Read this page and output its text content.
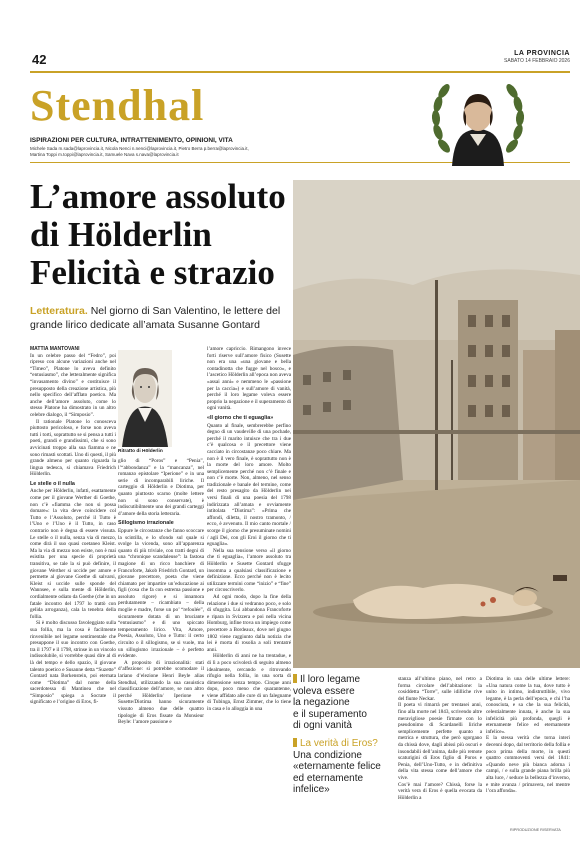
42	LA PROVINCIA
SABATO 14 FEBBRAIO 2026
Stendhal
ISPIRAZIONI PER CULTURA, INTRATTENIMENTO, OPINIONI, VITA
Michele Sada m.sada@laprovincia.it, Nicola Nenci n.nenci@laprovincia.it, Pietro Berra p.berra@laprovincia.it,
Martina Toppi m.toppi@laprovincia.it, Samuele Nava s.nava@laprovincia.it
L’amore assoluto
di Hölderlin
Felicità e strazio
Letteratura. Nel giorno di San Valentino, le lettere del grande lirico dedicate all’amata Susanne Gontard
MATTIA MANTOVANI

In un celebre passo del “Fedro”, poi ripreso con alcune variazioni anche nel “Timeo”, Platone lo aveva definito “entusiasmo”, che letteralmente significa “invasamento divino” e costituisce il presupposto della creazione artistica, più nello specifico dell’afflato poetico. Ma anche dell’amore assoluto, come lo stesso Platone ha dimostrato in un altro celebre dialogo, il “Simposio”.

Il rationale Platone lo conosceva piuttosto pericoloso, e forse non aveva tutti i torti, soprattutto se si pensa a tutti i poeti, grandi e grandissimi, che si sono avvicinati troppo alla sua fiamma e ne sono rimasti scottati. Uno di questi, il più grande almeno per quanto riguarda la lingua tedesca, si chiamava Friedrich Hölderlin.

Le stelle o il nulla

Anche per Hölderlin, infatti, esattamente come per il giovane Werther di Goethe, non c’è «fiamma che non si possa domare»: la vita deve coincidere col Tutto e l’Assoluto, perché il Tutto è l’Uno e l’Uno è il Tutto, in caso contrario non è degna di essere vissuta. Le stelle o il nulla, senza via di mezzo, come dirà il suo quasi coetaneo Kleist. Ma la via di mezzo non esiste, non è mai esistita per una specie di proprietà transitiva, se tale la si può definire, il giovane Werther si uccide per amore e permette al giovane Goethe di salvarsi, Kleist si uccide sulle sponde del Wannsee, e sulla mente di Hölderlin, cordialmente odiato da Goethe (che in un fatale incontro del 1797 lo trattò con gelida arroganza), cala la tenebra della follia.

Si è molto discusso favoleggiato sulla sua follia, ma la cosa è facilmente rinvenibile nel legame sentimentale che presuppone il suo incontro con Goethe, tra il 1797 e il 1798, strinse in un vincolo indissolubile, si vorrebbe quasi dire al di là del tempo e dello spazio, il giovane talento poetico e Susanne detta “Suzette” Gontard nata Borkenstein, poi eternata come “Diotima” dal nome della sacerdotessa di Mantinea che nel “Simposio” spiega a Socrate il significato e l’origine di Eros, fi-

Ritratto di Hölderlin

glio di “Poros” e “Penia”, l’“abbondanza” e la “mancanza”, nel romanzo epistolare “Iperione” e in una serie di incomparabili liriche. Il carteggio di Hölderlin e Diotima, per quanto piuttosto scarno (molte lettere non si sono conservate), è indiscutibilmente uno dei grandi carteggi d’amore della storia letteraria.

Sillogismo irrazionale

Eppure le circostanze che fanno scoccare la scintilla, e lo sfondo sul quale si svolge la vicenda, sono all’apparenza quanto di più triviale, con tratti degni di una “chronique scandaleuse”: la fastosa magione di un ricco banchiere di Francoforte, Jakob Friedrich Gontard, un giovane precettore, poeta che viene chiamato per impartire un’educazione ai figli (cosa che fa con estrema passione e assoluto rigore) e si innamora perdutamente – ricambiato – della moglie e madre, forse un po’ “refoulée”, sicuramente dotata di un bruciante “entusiasmo” e di uno spiccato temperamento lirico. Vita, Amore, Poesia, Assoluto, Uno e Tutto: il certo circuito o il sillogismo, se si vuole, ma un sillogismo irrazionale – è perfetto evidente.

A proposito di irrazionalità: stati d’affezione: si potrebbe scomodare il lariano d’elezione Henri Beyle alias Stendhal, utilizzando la sua casuistica classificazione dell’amore, se non altro perché Hölderlin/ Iperione e Susette/Diotima hanno sicuramente vissuto almeno due delle quattro tipologie di Eros fissate da Monsieur Beyle: l’amore passione e

l’amore capriccio. Rimangono invece forti riserve sull’amore fisico (Susette non era una «una giovane e bella contadinotta che fugge nel bosco», e l’ascetico Hölderlin all’epoca non aveva «assai anni» e nemmeno le «passione per la caccia») e sull’amore di vanità, perché il loro legame voleva essere proprio la negazione e il superamento di ogni vanità.

«Il giorno che ti eguaglia»

Quanto al finale, sembrerebbe perfino degno di un vaudeville di una pochade, perché il marito intuisce che tra i due c’è qualcosa e il precettore viene cacciato in circostanze poco chiare. Ma non è il vero finale, è soprattutto non è la morte del loro amore. Molto semplicemente perché non c’è finale e non c’è morte. Non, almeno, nel senso tradizionale e banale del termine, come del resto presagito da Hölderlin nei versi finali di una poesia del 1798 indirizzata all’amata e ovviamente intitolata “Diotima”: «Prima che affondi, diletta, il nostro tramonto, / ecco, è avvenuto. Il mio canto mortale / scorge il giorno che presuminate nomini / agli Dei, con gli Eroi il giorno che ti eguaglia».

Nella sua tensione verso «il giorno che ti eguaglia», l’amore assoluto tra Hölderlin e Susette Gontard sfugge insomma a qualsiasi classificazione e definizione. Ecco perché non è lecito utilizzare termini come “inizio” e “fine” per circoscriverlo.

Ad ogni modo, dopo la fine della relazione i due si vedranno poco, e solo di sfuggita. Lui abbandona Francoforte e ripara in Svizzera e poi nella vicina Homburg, infine trova un impiego come precettore a Bordeaux, dove nel giugno 1802 viene raggiunto dalla notizia che lei è morta di rosolia a soli trentatré anni.

Hölderlin di anni ne ha trentadue, e di lì a poco scivolerà di seguito almeno idealmente, cercando e ritrovando rifugio nella follia, in una sorta di dimensione senza tempo. Cinque anni dopo, poco meno che quarantenne, viene affidato alle cure di un falegname di Tubinga, Ernst Zimmer, che lo tiene in casa e lo alloggia in una

Il loro legame
voleva essere
la negazione
e il superamento
di ogni vanità
La verità di Eros?
Una condizione
«eternamente felice
ed eternamente
infelice»
stanza all’ultimo piano, nel retro a forma circolare dell’abitazione: la cosiddetta “Torre”, sulle idilliche rive del fiume Neckar.
Il poeta vi rimarrà per trentasei anni, fino alla morte nel 1843, scrivendo altre meravigliose poesie firmate con lo pseudonimo di Scardanelli liriche semplicemente perfette quanto a metrica e struttura, che però sgorgano da chissà dove, dagli abissi più oscuri e insondabili dell’anima, dalle più remote scaturigini di Eros figlio di Poros e Penia, dell’Uno-Tutto, e in definitiva della vita stessa come dell’amore che vive.
Cos’è mai l’amore? Chissà, forse la verità vera di Eros è quella evocata da Hölderlin a
Diotima in una delle ultime lettere: «Una natura come la tua, dove tutto è unito in intimo, indistruttibile, vivo legame, è la perla dell’epoca, e chi l’ha conosciuta, e sa che la sua felicità, celestialmente innata, è anche la sua infelicità più profonda, quegli è eternamente felice ed eternamente infelice».
E la stessa verità che torna interi decenni dopo, dal territorio della follia e poco prima della morte, in questi quattro commoventi versi del 1841: «Quando neve più bianca adorna i campi, / e sulla grande piana brilla più alta luce, / seduce la bellezza d’inverno, e mite avanza / primavera, nel mentre l’ora affonda».
RIPRODUZIONE RISERVATA
